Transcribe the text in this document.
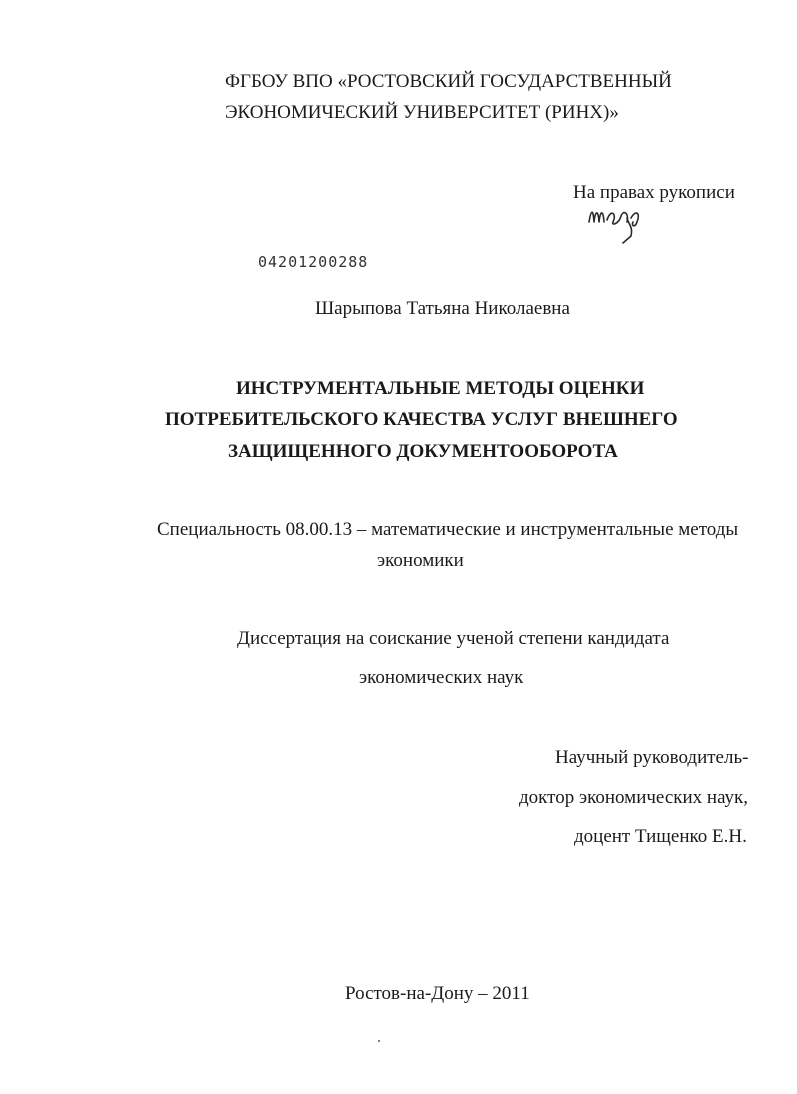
ФГБОУ ВПО «РОСТОВСКИЙ ГОСУДАРСТВЕННЫЙ
ЭКОНОМИЧЕСКИЙ УНИВЕРСИТЕТ (РИНХ)»
На правах рукописи
04201200288
Шарыпова Татьяна Николаевна
ИНСТРУМЕНТАЛЬНЫЕ МЕТОДЫ ОЦЕНКИ
ПОТРЕБИТЕЛЬСКОГО КАЧЕСТВА УСЛУГ ВНЕШНЕГО
ЗАЩИЩЕННОГО ДОКУМЕНТООБОРОТА
Специальность 08.00.13 – математические и инструментальные методы
экономики
Диссертация на соискание ученой степени кандидата
экономических наук
Научный руководитель-
доктор экономических наук,
доцент Тищенко Е.Н.
Ростов-на-Дону – 2011
